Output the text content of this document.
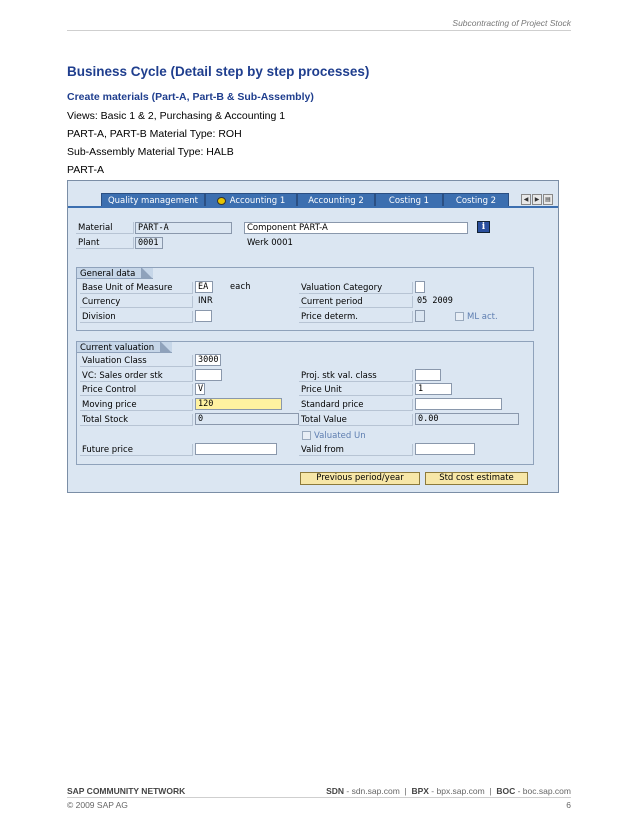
Subcontracting of Project Stock
Business Cycle (Detail step by step processes)
Create materials (Part-A, Part-B & Sub-Assembly)
Views: Basic 1 & 2, Purchasing & Accounting 1
PART-A, PART-B Material Type: ROH
Sub-Assembly Material Type: HALB
PART-A
Quality management	Accounting 1	Accounting 2	Costing 1	Costing 2	◀	▶ ▤
Material	PART-A	Component PART-A	i
Plant	0001	Werk 0001
General data
Base Unit of Measure	EA	each	Valuation Category
Currency	INR	Current period	05 2009
Division	Price determ.	ML act.
Current valuation
Valuation Class	3000
VC: Sales order stk	Proj. stk val. class
Price Control	V	Price Unit	1
Moving price	120	Standard price
Total Stock	0	Total Value	0.00
Valuated Un
Future price	Valid from
Previous period/year	Std cost estimate
SAP COMMUNITY NETWORK	SDN - sdn.sap.com  |  BPX - bpx.sap.com  |  BOC - boc.sap.com
© 2009 SAP AG	6
